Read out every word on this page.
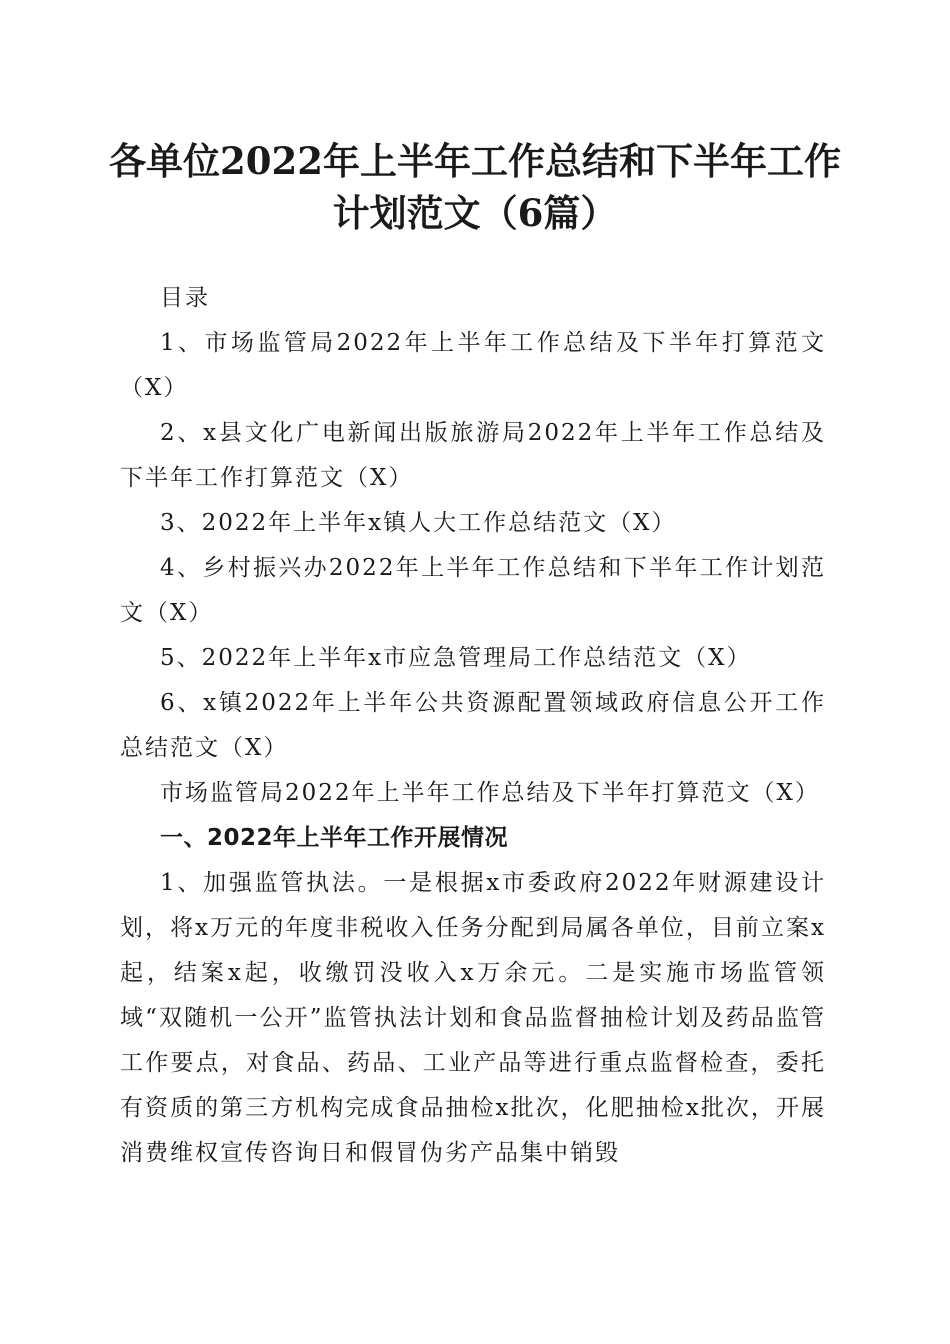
各单位2022年上半年工作总结和下半年工作
计划范文（6篇）

目录

1、市场监管局2022年上半年工作总结及下半年打算范文（X）

2、x县文化广电新闻出版旅游局2022年上半年工作总结及下半年工作打算范文（X）

3、2022年上半年x镇人大工作总结范文（X）

4、乡村振兴办2022年上半年工作总结和下半年工作计划范文（X）

5、2022年上半年x市应急管理局工作总结范文（X）

6、x镇2022年上半年公共资源配置领域政府信息公开工作总结范文（X）

市场监管局2022年上半年工作总结及下半年打算范文（X）

一、2022年上半年工作开展情况

1、加强监管执法。一是根据x市委政府2022年财源建设计划，将x万元的年度非税收入任务分配到局属各单位，目前立案x起，结案x起，收缴罚没收入x万余元。二是实施市场监管领域“双随机一公开”监管执法计划和食品监督抽检计划及药品监管工作要点，对食品、药品、工业产品等进行重点监督检查，委托有资质的第三方机构完成食品抽检x批次，化肥抽检x批次，开展消费维权宣传咨询日和假冒伪劣产品集中销毁
